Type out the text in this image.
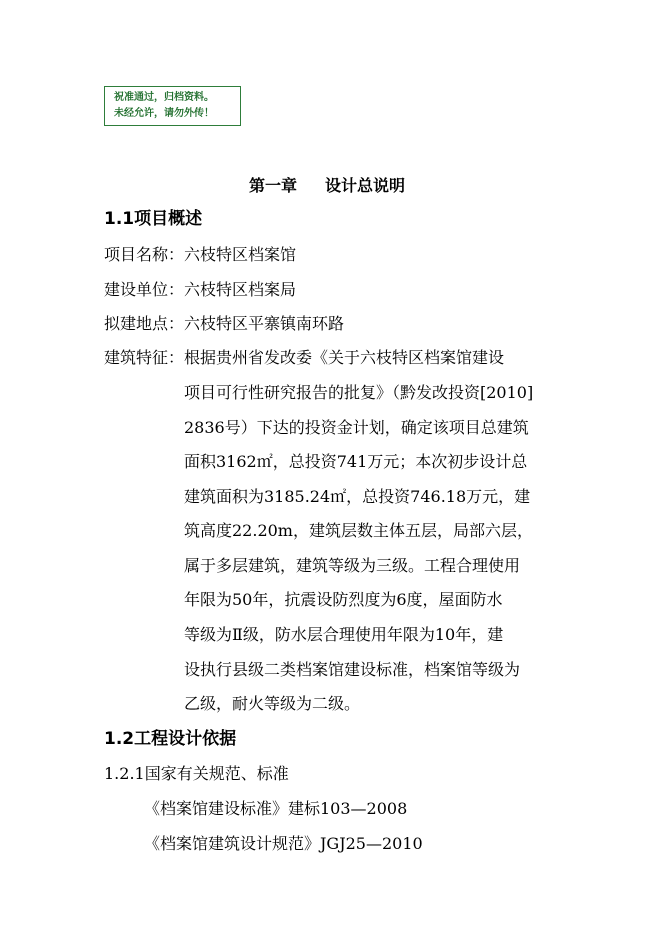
祝准通过，归档资料。
未经允许，请勿外传！
第一章 设计总说明
1.1项目概述
项目名称：六枝特区档案馆
建设单位：六枝特区档案局
拟建地点：六枝特区平寨镇南环路
建筑特征： 根据贵州省发改委《关于六枝特区档案馆建设
项目可行性研究报告的批复》（黔发改投资[2010]
2836号）下达的投资金计划，确定该项目总建筑
面积3162㎡，总投资741万元；本次初步设计总
建筑面积为3185.24㎡，总投资746.18万元，建
筑高度22.20m，建筑层数主体五层，局部六层，
属于多层建筑，建筑等级为三级。工程合理使用
年限为50年，抗震设防烈度为6度，屋面防水
等级为Ⅱ级，防水层合理使用年限为10年，建
设执行县级二类档案馆建设标准，档案馆等级为
乙级，耐火等级为二级。
1.2工程设计依据
1.2.1国家有关规范、标准
《档案馆建设标准》建标103—2008
《档案馆建筑设计规范》JGJ25—2010
